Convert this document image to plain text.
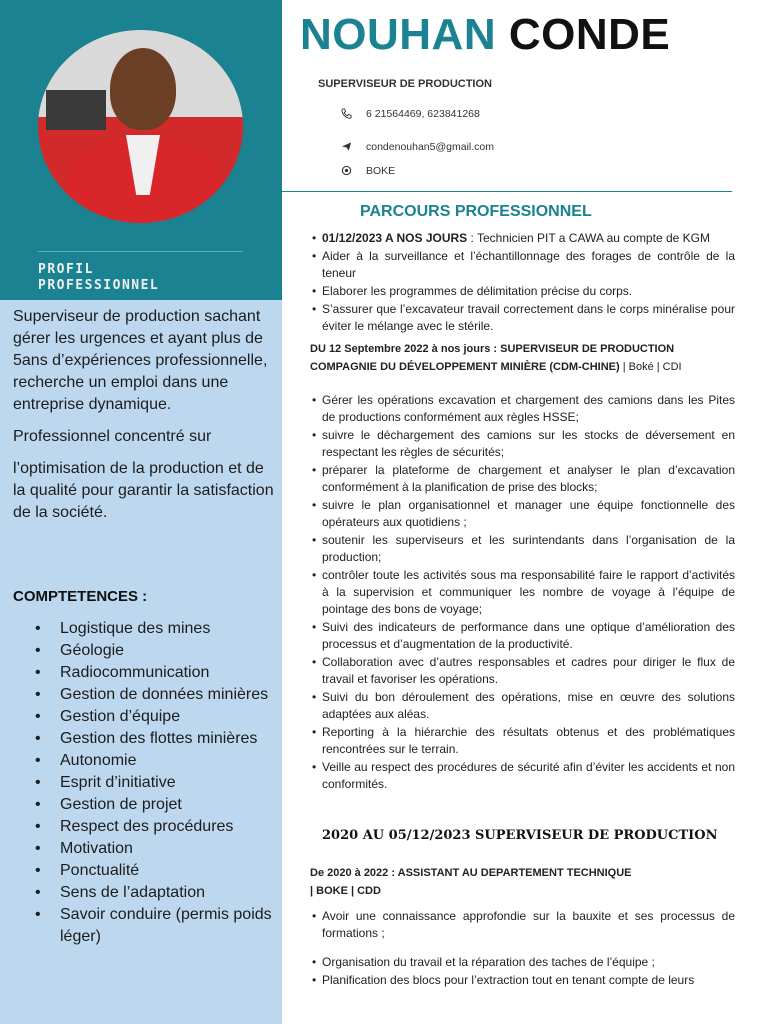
PROFIL
PROFESSIONNEL

Superviseur de production sachant gérer les urgences et ayant plus de 5ans d’expériences professionnelle, recherche un emploi dans une entreprise dynamique.

Professionnel concentré sur

l’optimisation de la production et de la qualité pour garantir la satisfaction de la société.

COMPTETENCES :
• Logistique des mines
• Géologie
• Radiocommunication
• Gestion de données minières
• Gestion d’équipe
• Gestion des flottes minières
• Autonomie
• Esprit d’initiative
• Gestion de projet
• Respect des procédures
• Motivation
• Ponctualité
• Sens de l’adaptation
• Savoir conduire (permis poids léger)
NOUHAN CONDE
SUPERVISEUR DE PRODUCTION
6 21564469, 623841268
condenouhan5@gmail.com
BOKE
PARCOURS PROFESSIONNEL
• 01/12/2023 A NOS JOURS : Technicien PIT a CAWA au compte de KGM
• Aider à la surveillance et l’échantillonnage des forages de contrôle de la teneur
• Elaborer les programmes de délimitation précise du corps.
• S’assurer que l’excavateur travail correctement dans le corps minéralise pour éviter le mélange avec le stérile.
DU 12 Septembre 2022 à nos jours : SUPERVISEUR DE PRODUCTION
COMPAGNIE DU DÉVELOPPEMENT MINIÈRE (CDM-CHINE) | Boké | CDI
• Gérer les opérations excavation et chargement des camions dans les Pites de productions conformément aux règles HSSE;
• suivre le déchargement des camions sur les stocks de déversement en respectant les règles de sécurités;
• préparer la plateforme de chargement et analyser le plan d’excavation conformément à la planification de prise des blocks;
• suivre le plan organisationnel et manager une équipe fonctionnelle des opérateurs aux quotidiens ;
• soutenir les superviseurs et les surintendants dans l’organisation de la production;
• contrôler toute les activités sous ma responsabilité faire le rapport d’activités à la supervision et communiquer les nombre de voyage à l’équipe de pointage des bons de voyage;
• Suivi des indicateurs de performance dans une optique d’amélioration des processus et d’augmentation de la productivité.
• Collaboration avec d’autres responsables et cadres pour diriger le flux de travail et favoriser les opérations.
• Suivi du bon déroulement des opérations, mise en œuvre des solutions adaptées aux aléas.
• Reporting à la hiérarchie des résultats obtenus et des problématiques rencontrées sur le terrain.
• Veille au respect des procédures de sécurité afin d’éviter les accidents et non conformités.
2020 AU 05/12/2023 SUPERVISEUR DE PRODUCTION
De 2020 à 2022 : ASSISTANT AU DEPARTEMENT TECHNIQUE
| BOKE | CDD
• Avoir une connaissance approfondie sur la bauxite et ses processus de formations ;
• Organisation du travail et la réparation des taches de l’équipe ;
• Planification des blocs pour l’extraction tout en tenant compte de leurs
